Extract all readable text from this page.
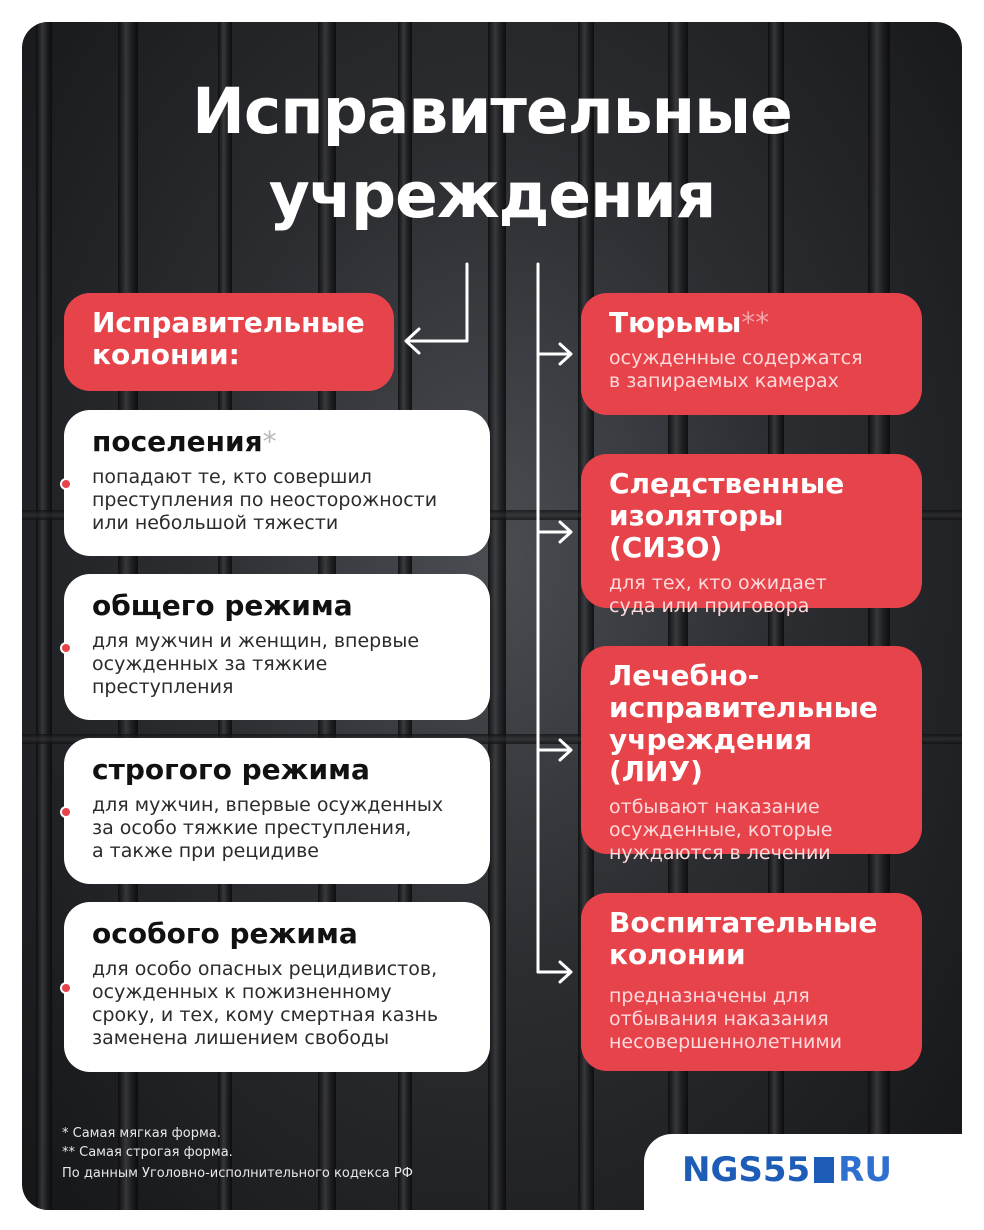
Исправительные
учреждения
Исправительные
колонии:
поселения*
попадают те, кто совершил
преступления по неосторожности
или небольшой тяжести
общего режима
для мужчин и женщин, впервые
осужденных за тяжкие
преступления
строгого режима
для мужчин, впервые осужденных
за особо тяжкие преступления,
а также при рецидиве
особого режима
для особо опасных рецидивистов,
осужденных к пожизненному
сроку, и тех, кому смертная казнь
заменена лишением свободы
Тюрьмы**
осужденные содержатся
в запираемых камерах
Следственные
изоляторы (СИЗО)
для тех, кто ожидает
суда или приговора
Лечебно-
исправительные
учреждения (ЛИУ)
отбывают наказание
осужденные, которые
нуждаются в лечении
Воспитательные
колонии
предназначены для
отбывания наказания
несовершеннолетними
* Самая мягкая форма.
** Самая строгая форма.
По данным Уголовно-исполнительного кодекса РФ	NGS55 RU
